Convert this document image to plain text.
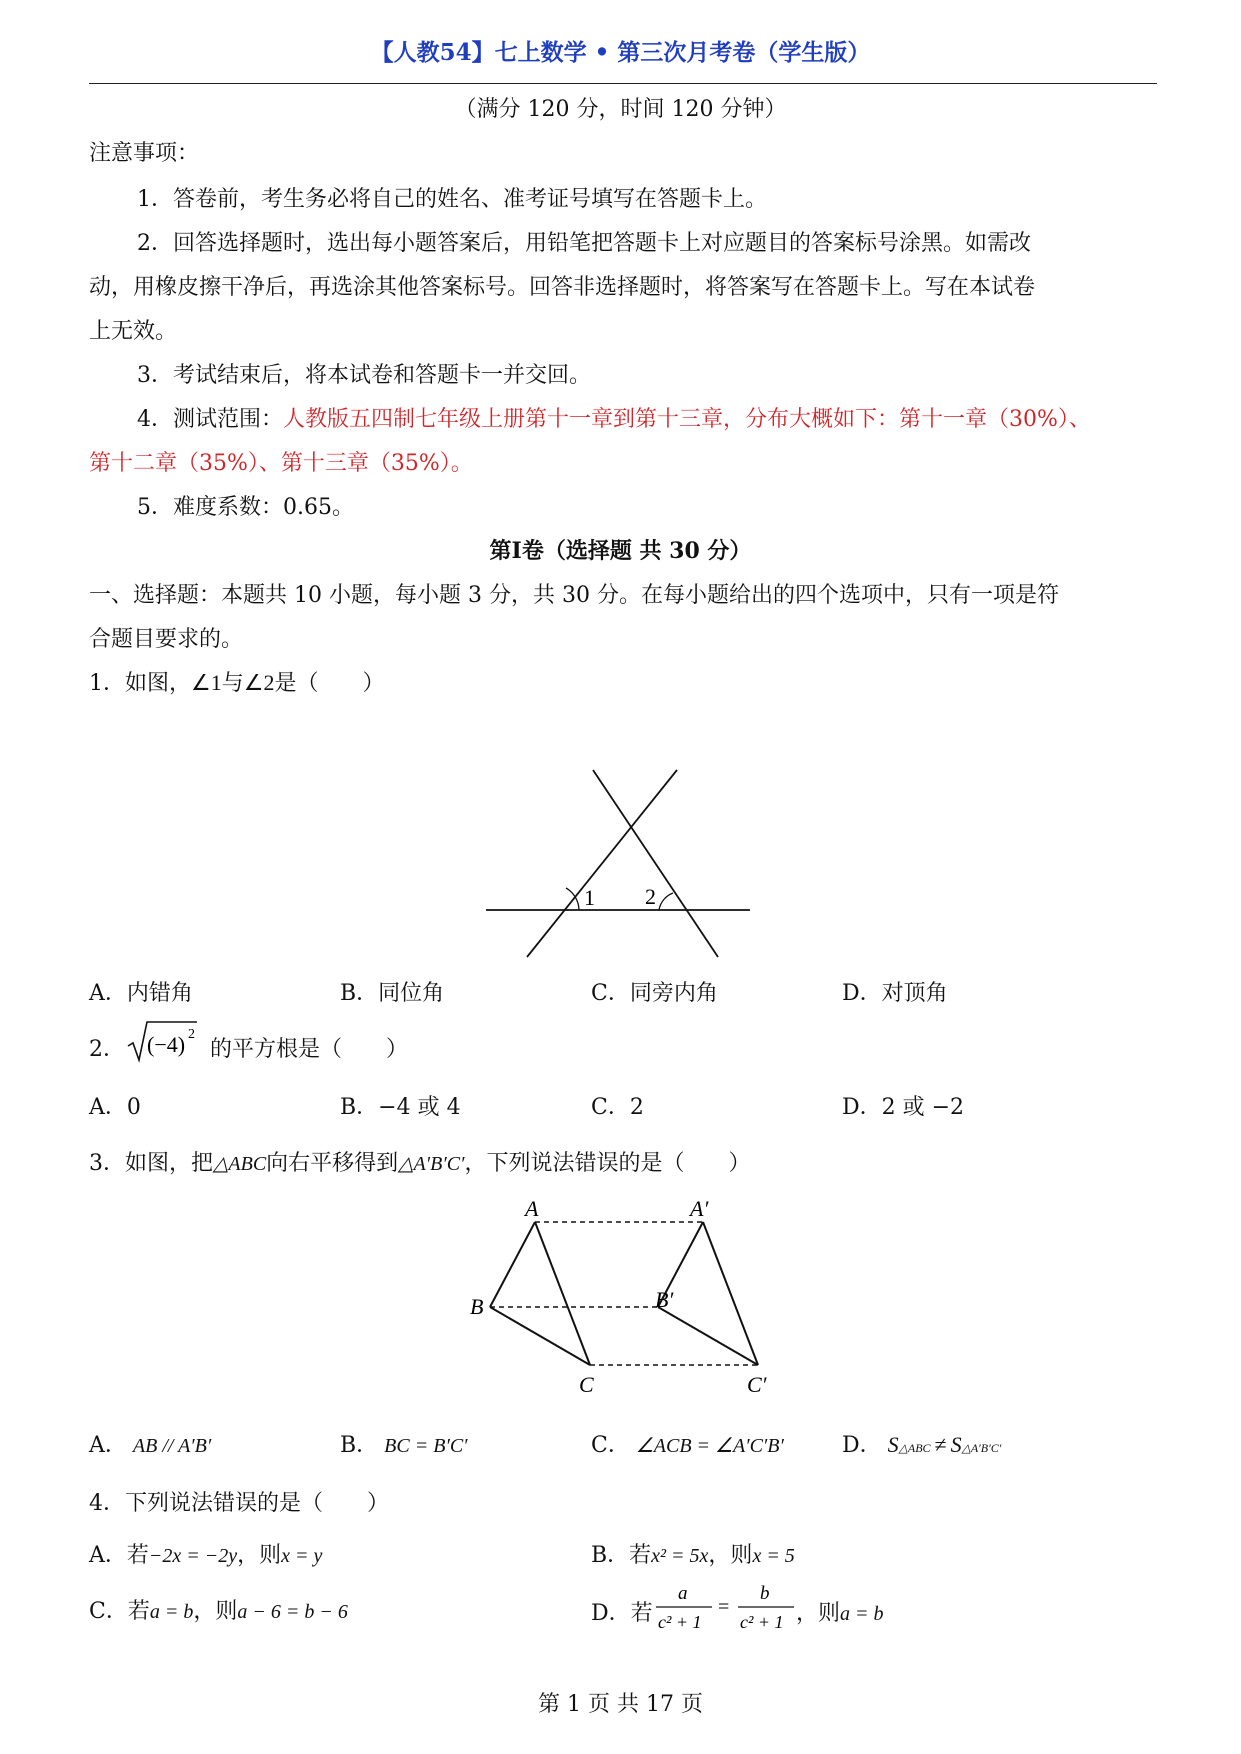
【人教54】七上数学 • 第三次月考卷（学生版）
（满分 120 分，时间 120 分钟）
注意事项：
1．答卷前，考生务必将自己的姓名、准考证号填写在答题卡上。
2．回答选择题时，选出每小题答案后，用铅笔把答题卡上对应题目的答案标号涂黑。如需改
动，用橡皮擦干净后，再选涂其他答案标号。回答非选择题时，将答案写在答题卡上。写在本试卷
上无效。
3．考试结束后，将本试卷和答题卡一并交回。
4．测试范围：人教版五四制七年级上册第十一章到第十三章，分布大概如下：第十一章（30%）、
第十二章（35%）、第十三章（35%）。
5．难度系数：0.65。
第Ⅰ卷（选择题 共 30 分）
一、选择题：本题共 10 小题，每小题 3 分，共 30 分。在每小题给出的四个选项中，只有一项是符
合题目要求的。
1．如图，∠1与∠2是（　　）
1 2
A．内错角	B．同位角	C．同旁内角	D．对顶角
2． (−4) 2
的平方根是（　　）
A．0	B．−4 或 4	C．2	D．2 或 −2
3．如图，把△ABC向右平移得到△A′B′C′，下列说法错误的是（　　）
A
B
C
A′
B′
C′
A． AB // A′B′	B． BC = B′C′	C． ∠ACB = ∠A′C′B′	D． S△ABC ≠ S△A′B′C′
4．下列说法错误的是（　　）
A．若−2x = −2y，则x = y	B．若x² = 5x，则x = 5
C．若a = b，则a − 6 = b − 6	D．若
a
c² + 1
=
b
c² + 1 ，则a = b
第 1 页 共 17 页
